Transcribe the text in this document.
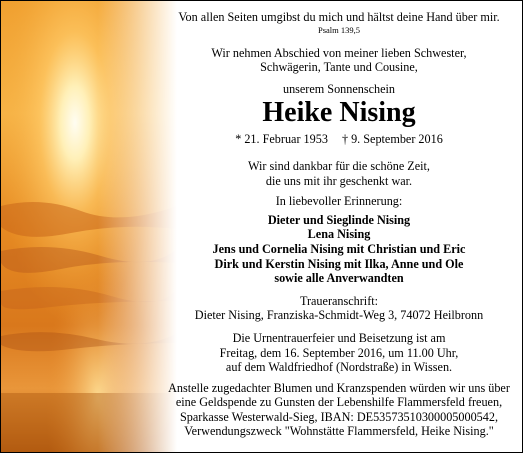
Von allen Seiten umgibst du mich und hältst deine Hand über mir.

Psalm 139,5

Wir nehmen Abschied von meiner lieben Schwester,

Schwägerin, Tante und Cousine,

unserem Sonnenschein

Heike Nising

* 21. Februar 1953 † 9. September 2016

Wir sind dankbar für die schöne Zeit,

die uns mit ihr geschenkt war.

In liebevoller Erinnerung:

Dieter und Sieglinde Nising

Lena Nising

Jens und Cornelia Nising mit Christian und Eric

Dirk und Kerstin Nising mit Ilka, Anne und Ole

sowie alle Anverwandten

Traueranschrift:

Dieter Nising, Franziska-Schmidt-Weg 3, 74072 Heilbronn

Die Urnentrauerfeier und Beisetzung ist am

Freitag, dem 16. September 2016, um 11.00 Uhr,

auf dem Waldfriedhof (Nordstraße) in Wissen.

Anstelle zugedachter Blumen und Kranzspenden würden wir uns über

eine Geldspende zu Gunsten der Lebenshilfe Flammersfeld freuen,

Sparkasse Westerwald-Sieg, IBAN: DE53573510300005000542,

Verwendungszweck "Wohnstätte Flammersfeld, Heike Nising."
